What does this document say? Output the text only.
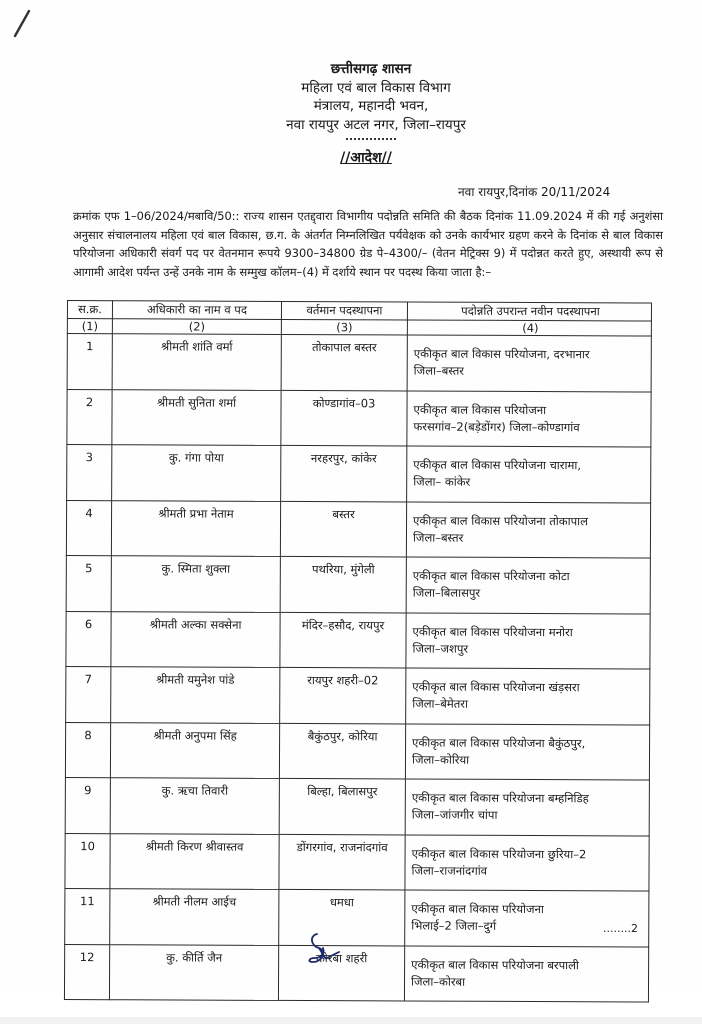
छत्तीसगढ़ शासन
महिला एवं बाल विकास विभाग
मंत्रालय, महानदी भवन,
नवा रायपुर अटल नगर, जिला–रायपुर
//आदेश//
नवा रायपुर,दिनांक 20/11/2024
क्रमांक एफ 1–06/2024/मबावि/50:: राज्य शासन एतद्द्वारा विभागीय पदोन्नति समिति की बैठक दिनांक 11.09.2024 में की गई अनुशंसा अनुसार संचालनालय महिला एवं बाल विकास, छ.ग. के अंतर्गत निम्नलिखित पर्यवेक्षक को उनके कार्यभार ग्रहण करने के दिनांक से बाल विकास परियोजना अधिकारी संवर्ग पद पर वेतनमान रूपये 9300–34800 ग्रेड पे–4300/– (वेतन मेट्रिक्स 9) में पदोन्नत करते हुए, अस्थायी रूप से आगामी आदेश पर्यन्त उन्हें उनके नाम के सम्मुख कॉलम–(4) में दर्शाये स्थान पर पदस्थ किया जाता है:–
स.क्र.	अधिकारी का नाम व पद	वर्तमान पदस्थापना	पदोन्नति उपरान्त नवीन पदस्थापना
(1)	(2)	(3)	(4)
1	श्रीमती शांति वर्मा	तोकापाल बस्तर	एकीकृत बाल विकास परियोजना, दरभानार
जिला–बस्तर

2	श्रीमती सुनिता शर्मा	कोण्डागांव–03	एकीकृत बाल विकास परियोजना
फरसगांव–2(बड़ेडोंगर) जिला–कोण्डागांव

3	कु. गंगा पोया	नरहरपुर, कांकेर	एकीकृत बाल विकास परियोजना चारामा,
जिला– कांकेर

4	श्रीमती प्रभा नेताम	बस्तर	एकीकृत बाल विकास परियोजना तोकापाल
जिला–बस्तर

5	कु. स्मिता शुक्ला	पथरिया, मुंगेली	एकीकृत बाल विकास परियोजना कोटा
जिला–बिलासपुर

6	श्रीमती अल्का सक्सेना	मंदिर–हसौद, रायपुर	एकीकृत बाल विकास परियोजना मनोरा
जिला–जशपुर

7	श्रीमती यमुनेश पांडे	रायपुर शहरी–02	एकीकृत बाल विकास परियोजना खंड़सरा
जिला–बेमेतरा

8	श्रीमती अनुपमा सिंह	बैकुंठपुर, कोरिया	एकीकृत बाल विकास परियोजना बैकुंठपुर,
जिला–कोरिया

9	कु. ऋचा तिवारी	बिल्हा, बिलासपुर	एकीकृत बाल विकास परियोजना बम्हनिडिह
जिला–जांजगीर चांपा

10	श्रीमती किरण श्रीवास्तव	डोंगरगांव, राजनांदगांव	एकीकृत बाल विकास परियोजना छुरिया–2
जिला–राजनांदगांव

11	श्रीमती नीलम आईच	धमधा	एकीकृत बाल विकास परियोजना
भिलाई–2 जिला–दुर्ग

12	कु. कीर्ति जैन	कोरबा शहरी	एकीकृत बाल विकास परियोजना बरपाली
जिला–कोरबा
........2
